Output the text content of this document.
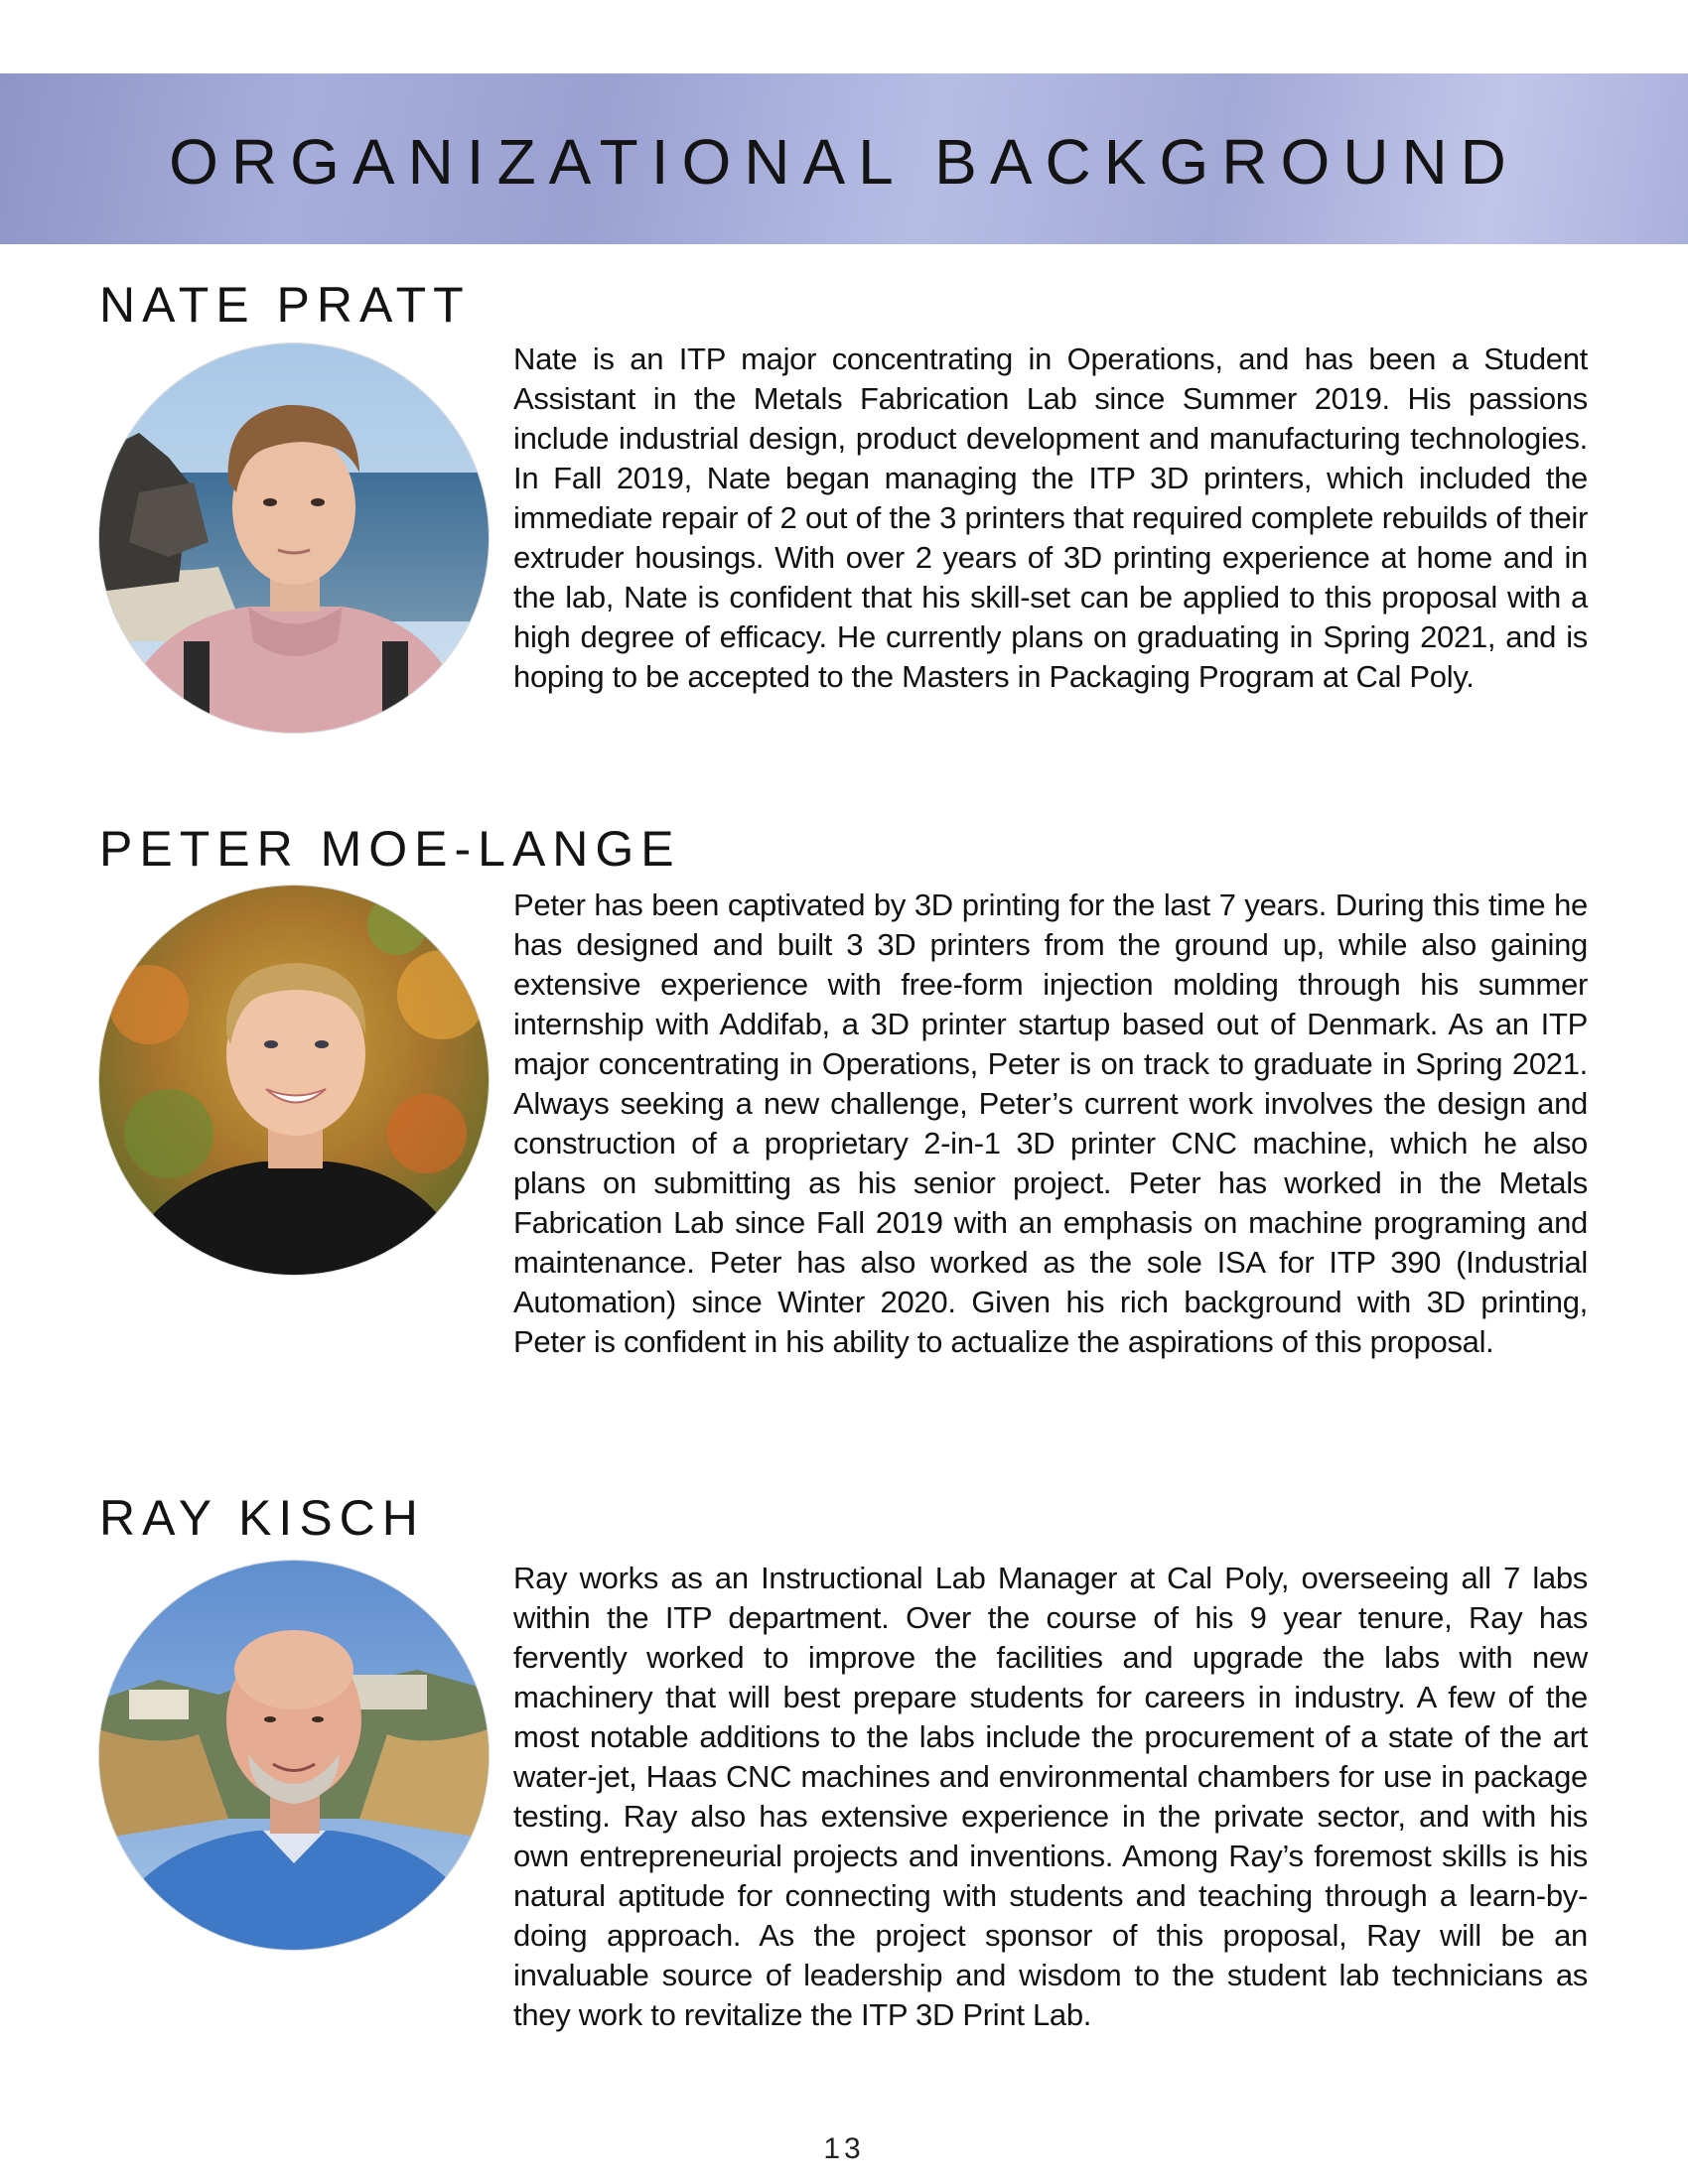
ORGANIZATIONAL BACKGROUND
NATE PRATT
Nate is an ITP major concentrating in Operations, and has been a Student Assistant in the Metals Fabrication Lab since Summer 2019. His passions include industrial design, product development and manufacturing technologies. In Fall 2019, Nate began managing the ITP 3D printers, which included the immediate repair of 2 out of the 3 printers that required complete rebuilds of their extruder housings. With over 2 years of 3D printing experience at home and in the lab, Nate is confident that his skill-set can be applied to this proposal with a high degree of efficacy. He currently plans on graduating in Spring 2021, and is hoping to be accepted to the Masters in Packaging Program at Cal Poly.
PETER MOE-LANGE
Peter has been captivated by 3D printing for the last 7 years. During this time he has designed and built 3 3D printers from the ground up, while also gaining extensive experience with free-form injection molding through his summer internship with Addifab, a 3D printer startup based out of Denmark. As an ITP major concentrating in Operations, Peter is on track to graduate in Spring 2021. Always seeking a new challenge, Peter’s current work involves the design and construction of a proprietary 2-in-1 3D printer CNC machine, which he also plans on submitting as his senior project. Peter has worked in the Metals Fabrication Lab since Fall 2019 with an emphasis on machine programing and maintenance. Peter has also worked as the sole ISA for ITP 390 (Industrial Automation) since Winter 2020. Given his rich background with 3D printing, Peter is confident in his ability to actualize the aspirations of this proposal.
RAY KISCH
Ray works as an Instructional Lab Manager at Cal Poly, overseeing all 7 labs within the ITP department. Over the course of his 9 year tenure, Ray has fervently worked to improve the facilities and upgrade the labs with new machinery that will best prepare students for careers in industry. A few of the most notable additions to the labs include the procurement of a state of the art water-jet, Haas CNC machines and environmental chambers for use in package testing. Ray also has extensive experience in the private sector, and with his own entrepreneurial projects and inventions. Among Ray’s foremost skills is his natural aptitude for connecting with students and teaching through a learn-by-doing approach. As the project sponsor of this proposal, Ray will be an invaluable source of leadership and wisdom to the student lab technicians as they work to revitalize the ITP 3D Print Lab.
13
